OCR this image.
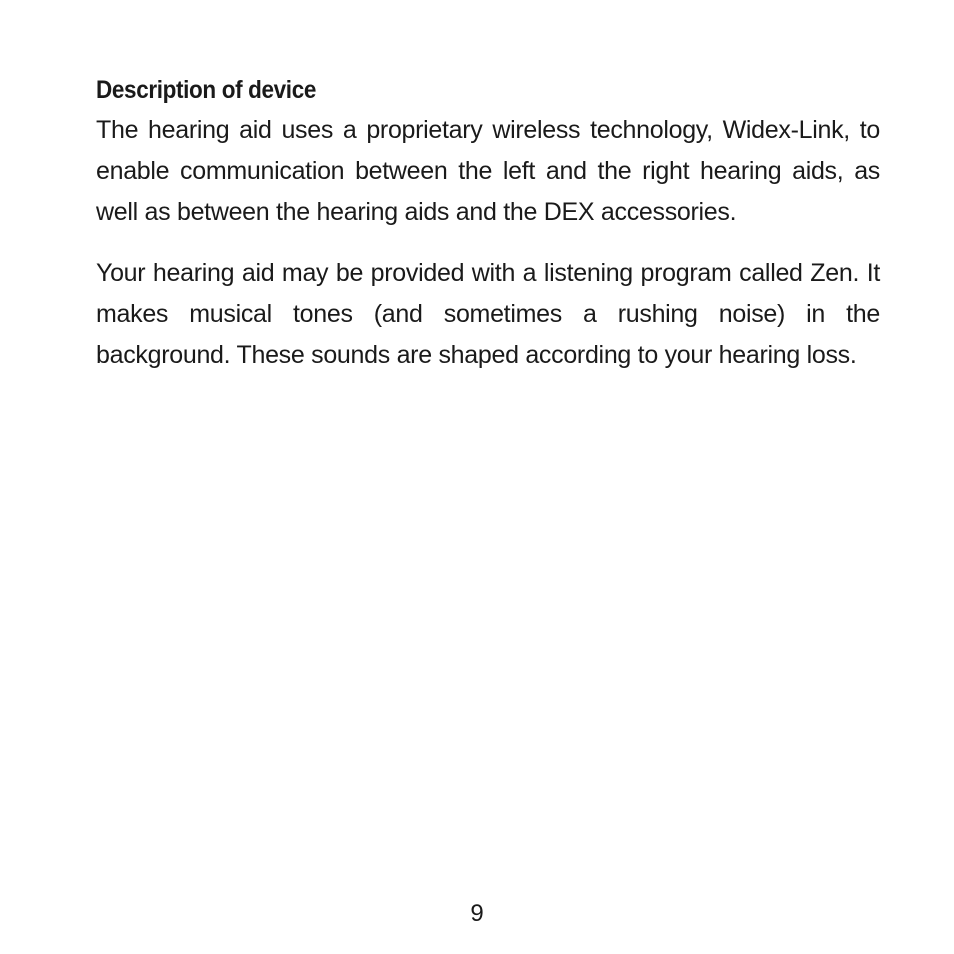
Description of device

The hearing aid uses a proprietary wireless technology, Widex-Link, to enable communication between the left and the right hearing aids, as well as between the hearing aids and the DEX accessories.

Your hearing aid may be provided with a listening program called Zen. It makes musical tones (and sometimes a rushing noise) in the background. These sounds are shaped according to your hearing loss.

9
